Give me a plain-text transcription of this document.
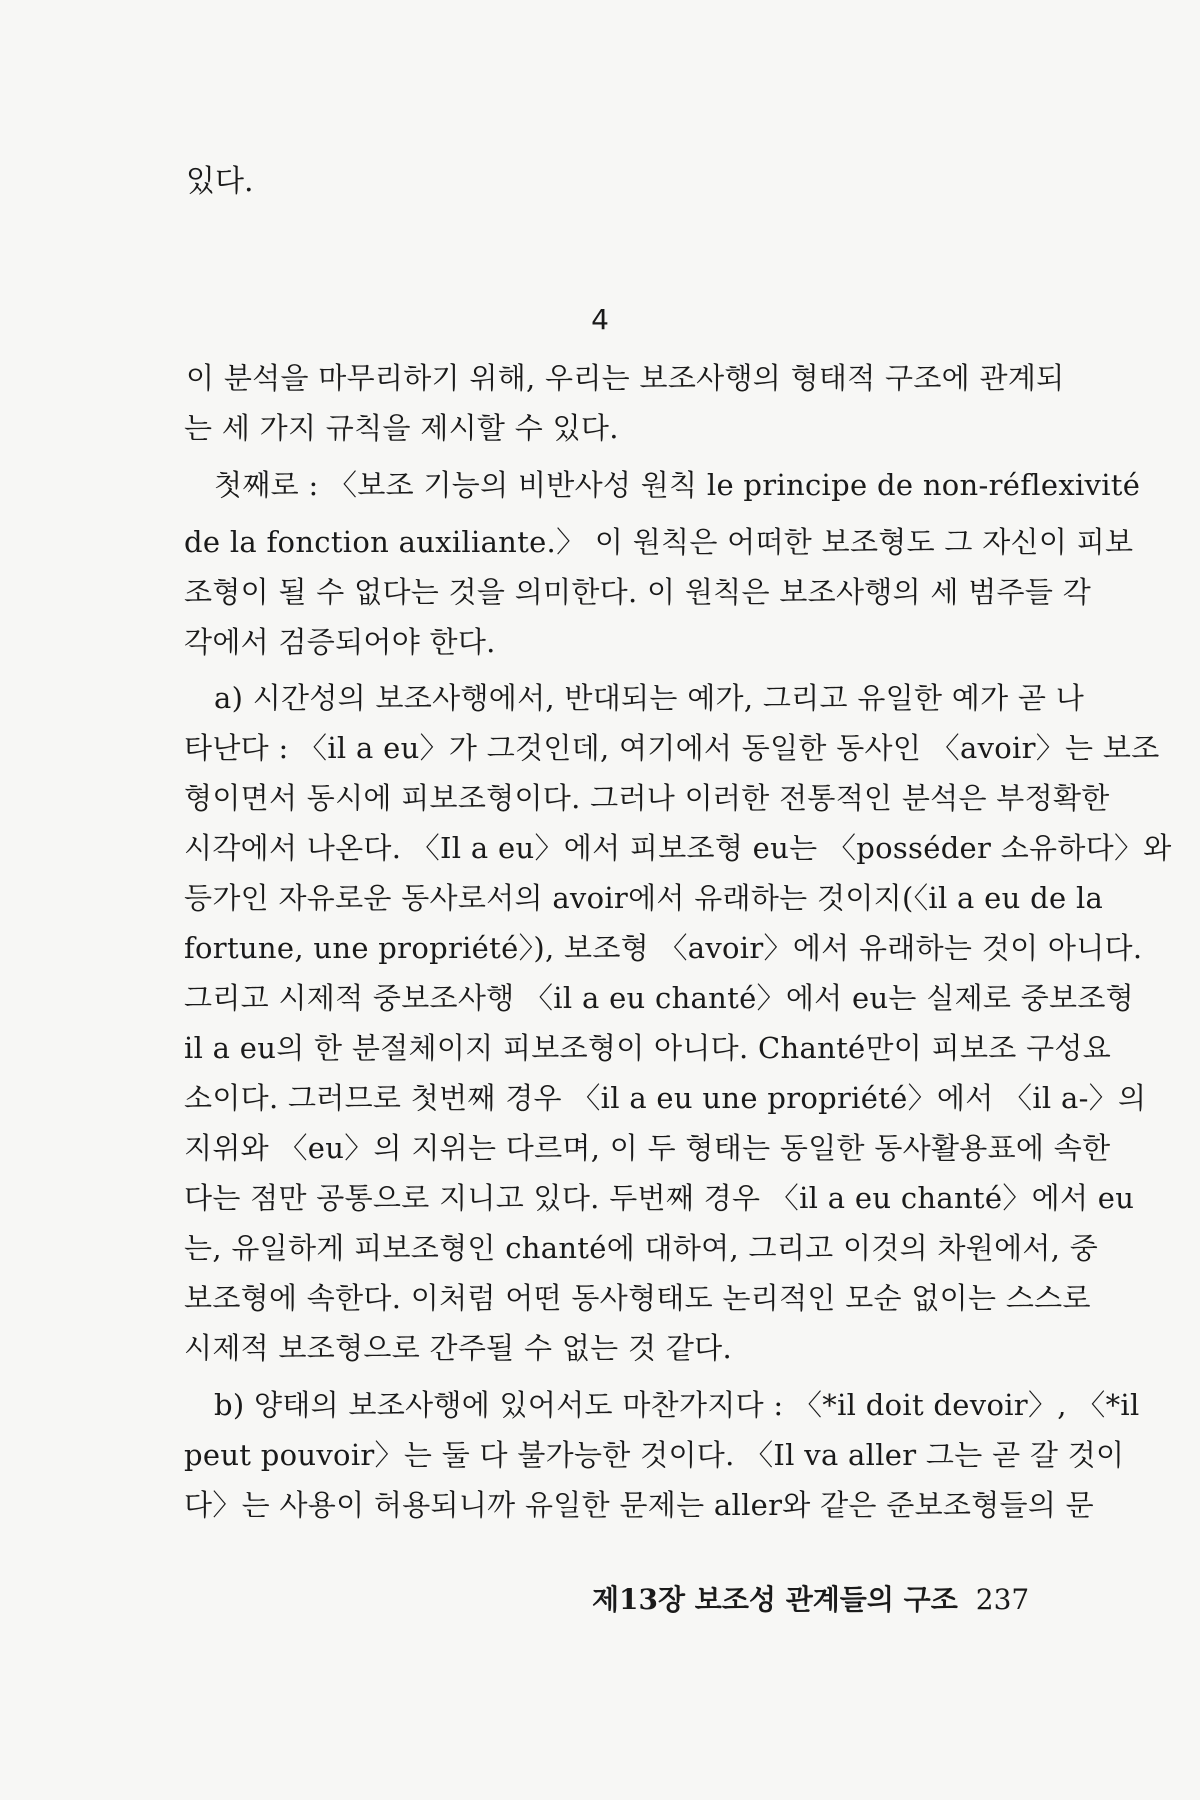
있다.
4
이 분석을 마무리하기 위해, 우리는 보조사행의 형태적 구조에 관계되
는 세 가지 규칙을 제시할 수 있다.
첫째로 : 〈보조 기능의 비반사성 원칙 le principe de non-réflexivité
de la fonction auxiliante.〉 이 원칙은 어떠한 보조형도 그 자신이 피보
조형이 될 수 없다는 것을 의미한다. 이 원칙은 보조사행의 세 범주들 각
각에서 검증되어야 한다.
a) 시간성의 보조사행에서, 반대되는 예가, 그리고 유일한 예가 곧 나
타난다 : 〈il a eu〉가 그것인데, 여기에서 동일한 동사인 〈avoir〉는 보조
형이면서 동시에 피보조형이다. 그러나 이러한 전통적인 분석은 부정확한
시각에서 나온다. 〈Il a eu〉에서 피보조형 eu는 〈posséder 소유하다〉와
등가인 자유로운 동사로서의 avoir에서 유래하는 것이지(〈il a eu de la
fortune, une propriété〉), 보조형 〈avoir〉에서 유래하는 것이 아니다.
그리고 시제적 중보조사행 〈il a eu chanté〉에서 eu는 실제로 중보조형
il a eu의 한 분절체이지 피보조형이 아니다. Chanté만이 피보조 구성요
소이다. 그러므로 첫번째 경우 〈il a eu une propriété〉에서 〈il a-〉의
지위와 〈eu〉의 지위는 다르며, 이 두 형태는 동일한 동사활용표에 속한
다는 점만 공통으로 지니고 있다. 두번째 경우 〈il a eu chanté〉에서 eu
는, 유일하게 피보조형인 chanté에 대하여, 그리고 이것의 차원에서, 중
보조형에 속한다. 이처럼 어떤 동사형태도 논리적인 모순 없이는 스스로
시제적 보조형으로 간주될 수 없는 것 같다.
b) 양태의 보조사행에 있어서도 마찬가지다 : 〈*il doit devoir〉, 〈*il
peut pouvoir〉는 둘 다 불가능한 것이다. 〈Il va aller 그는 곧 갈 것이
다〉는 사용이 허용되니까 유일한 문제는 aller와 같은 준보조형들의 문
제13장 보조성 관계들의 구조 237
